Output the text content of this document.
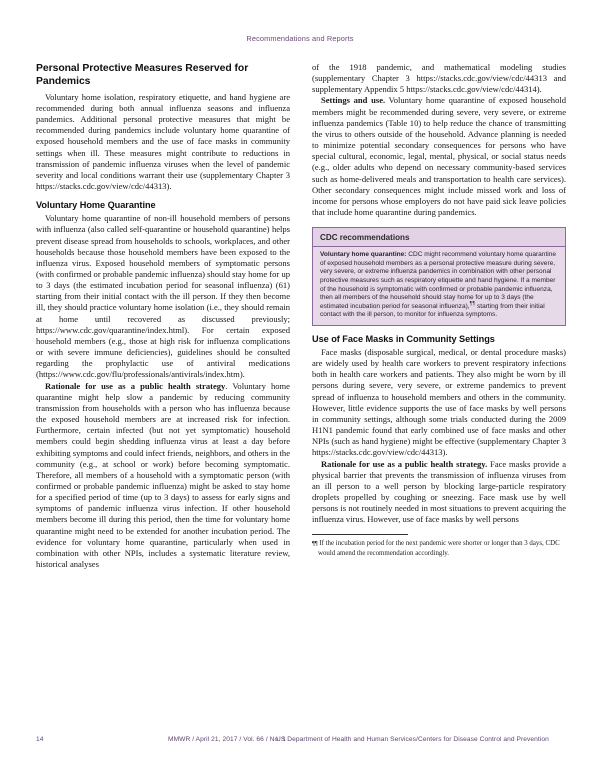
Recommendations and Reports
Personal Protective Measures Reserved for Pandemics

Voluntary home isolation, respiratory etiquette, and hand hygiene are recommended during both annual influenza seasons and influenza pandemics. Additional personal protective measures that might be recommended during pandemics include voluntary home quarantine of exposed household members and the use of face masks in community settings when ill. These measures might contribute to reductions in transmission of pandemic influenza viruses when the level of pandemic severity and local conditions warrant their use (supplementary Chapter 3 https://stacks.cdc.gov/view/cdc/44313).

Voluntary Home Quarantine

Voluntary home quarantine of non-ill household members of persons with influenza (also called self-quarantine or household quarantine) helps prevent disease spread from households to schools, workplaces, and other households because those household members have been exposed to the influenza virus. Exposed household members of symptomatic persons (with confirmed or probable pandemic influenza) should stay home for up to 3 days (the estimated incubation period for seasonal influenza) (61) starting from their initial contact with the ill person. If they then become ill, they should practice voluntary home isolation (i.e., they should remain at home until recovered as discussed previously; https://www.cdc.gov/quarantine/index.html). For certain exposed household members (e.g., those at high risk for influenza complications or with severe immune deficiencies), guidelines should be consulted regarding the prophylactic use of antiviral medications (https://www.cdc.gov/flu/professionals/antivirals/index.htm).

Rationale for use as a public health strategy. Voluntary home quarantine might help slow a pandemic by reducing community transmission from households with a person who has influenza because the exposed household members are at increased risk for infection. Furthermore, certain infected (but not yet symptomatic) household members could begin shedding influenza virus at least a day before exhibiting symptoms and could infect friends, neighbors, and others in the community (e.g., at school or work) before becoming symptomatic. Therefore, all members of a household with a symptomatic person (with confirmed or probable pandemic influenza) might be asked to stay home for a specified period of time (up to 3 days) to assess for early signs and symptoms of pandemic influenza virus infection. If other household members become ill during this period, then the time for voluntary home quarantine might need to be extended for another incubation period. The evidence for voluntary home quarantine, particularly when used in combination with other NPIs, includes a systematic literature review, historical analyses

of the 1918 pandemic, and mathematical modeling studies (supplementary Chapter 3 https://stacks.cdc.gov/view/cdc/44313 and supplementary Appendix 5 https://stacks.cdc.gov/view/cdc/44314).

Settings and use. Voluntary home quarantine of exposed household members might be recommended during severe, very severe, or extreme influenza pandemics (Table 10) to help reduce the chance of transmitting the virus to others outside of the household. Advance planning is needed to minimize potential secondary consequences for persons who have special cultural, economic, legal, mental, physical, or social status needs (e.g., older adults who depend on necessary community-based services such as home-delivered meals and transportation to health care services). Other secondary consequences might include missed work and loss of income for persons whose employers do not have paid sick leave policies that include home quarantine during pandemics.

CDC recommendations
Voluntary home quarantine: CDC might recommend voluntary home quarantine of exposed household members as a personal protective measure during severe, very severe, or extreme influenza pandemics in combination with other personal protective measures such as respiratory etiquette and hand hygiene. If a member of the household is symptomatic with confirmed or probable pandemic influenza, then all members of the household should stay home for up to 3 days (the estimated incubation period for seasonal influenza),¶¶ starting from their initial contact with the ill person, to monitor for influenza symptoms.
Use of Face Masks in Community Settings

Face masks (disposable surgical, medical, or dental procedure masks) are widely used by health care workers to prevent respiratory infections both in health care workers and patients. They also might be worn by ill persons during severe, very severe, or extreme pandemics to prevent spread of influenza to household members and others in the community. However, little evidence supports the use of face masks by well persons in community settings, although some trials conducted during the 2009 H1N1 pandemic found that early combined use of face masks and other NPIs (such as hand hygiene) might be effective (supplementary Chapter 3 https://stacks.cdc.gov/view/cdc/44313).

Rationale for use as a public health strategy. Face masks provide a physical barrier that prevents the transmission of influenza viruses from an ill person to a well person by blocking large-particle respiratory droplets propelled by coughing or sneezing. Face mask use by well persons is not routinely needed in most situations to prevent acquiring the influenza virus. However, use of face masks by well persons

¶¶ If the incubation period for the next pandemic were shorter or longer than 3 days, CDC would amend the recommendation accordingly.

14	MMWR / April 21, 2017 / Vol. 66 / No. 1
US Department of Health and Human Services/Centers for Disease Control and Prevention
